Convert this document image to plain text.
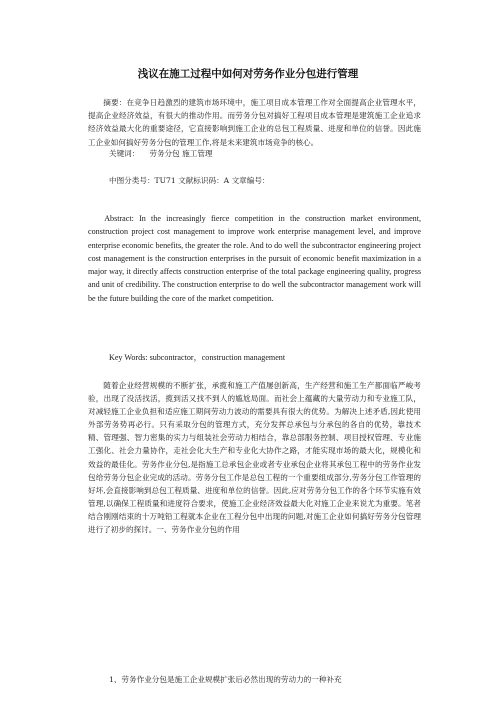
浅议在施工过程中如何对劳务作业分包进行管理
摘要：在竞争日趋激烈的建筑市场环境中，施工项目成本管理工作对全面提高企业管理水平，提高企业经济效益，有很大的推动作用。而劳务分包对搞好工程项目成本管理是建筑施工企业追求经济效益最大化的重要途径，它直接影响到施工企业的总包工程质量、进度和单位的信誉。因此施工企业如何搞好劳务分包的管理工作,将是未来建筑市场竞争的核心。
关键词： 劳务分包 施工管理
中图分类号：TU71 文献标识码：A 文章编号：
Abstract: In the increasingly fierce competition in the construction market environment, construction project cost management to improve work enterprise management level, and improve enterprise economic benefits, the greater the role. And to do well the subcontractor engineering project cost management is the construction enterprises in the pursuit of economic benefit maximization in a major way, it directly affects construction enterprise of the total package engineering quality, progress and unit of credibility. The construction enterprise to do well the subcontractor management work will be the future building the core of the market competition.
Key Words: subcontractor，construction management
随着企业经营规模的不断扩张，承揽和施工产值屡创新高，生产经营和施工生产都面临严峻考验，出现了没活找活，揽到活又找不到人的尴尬局面。而社会上蕴藏的大量劳动力和专业施工队，对减轻施工企业负担和适应施工期间劳动力波动的需要具有很大的优势。为解决上述矛盾,因此使用外部劳务势再必行。只有采取分包的管理方式，充分发挥总承包与分承包的各自的优势，靠技术精、管理强、智力密集的实力与组装社会劳动力相结合，靠总部服务控制、项目授权管理、专业施工强化、社会力量协作，走社会化大生产和专业化大协作之路，才能实现市场的最大化，规模化和效益的最佳化。劳务作业分包,是指施工总承包企业或者专业承包企业将其承包工程中的劳务作业发包给劳务分包企业完成的活动。劳务分包工作是总包工程的一个重要组成部分,劳务分包工作管理的好坏,会直接影响到总包工程质量、进度和单位的信誉。因此,应对劳务分包工作的各个环节实施有效管理,以确保工程质量和进度符合要求，使施工企业经济效益最大化对施工企业来说尤为重要。笔者结合刚刚结束的十万吨铅工程就本企业在工程分包中出现的问题,对施工企业如何搞好劳务分包管理进行了初步的探讨。一、劳务作业分包的作用
1、劳务作业分包是施工企业规模扩张后必然出现的劳动力的一种补充
